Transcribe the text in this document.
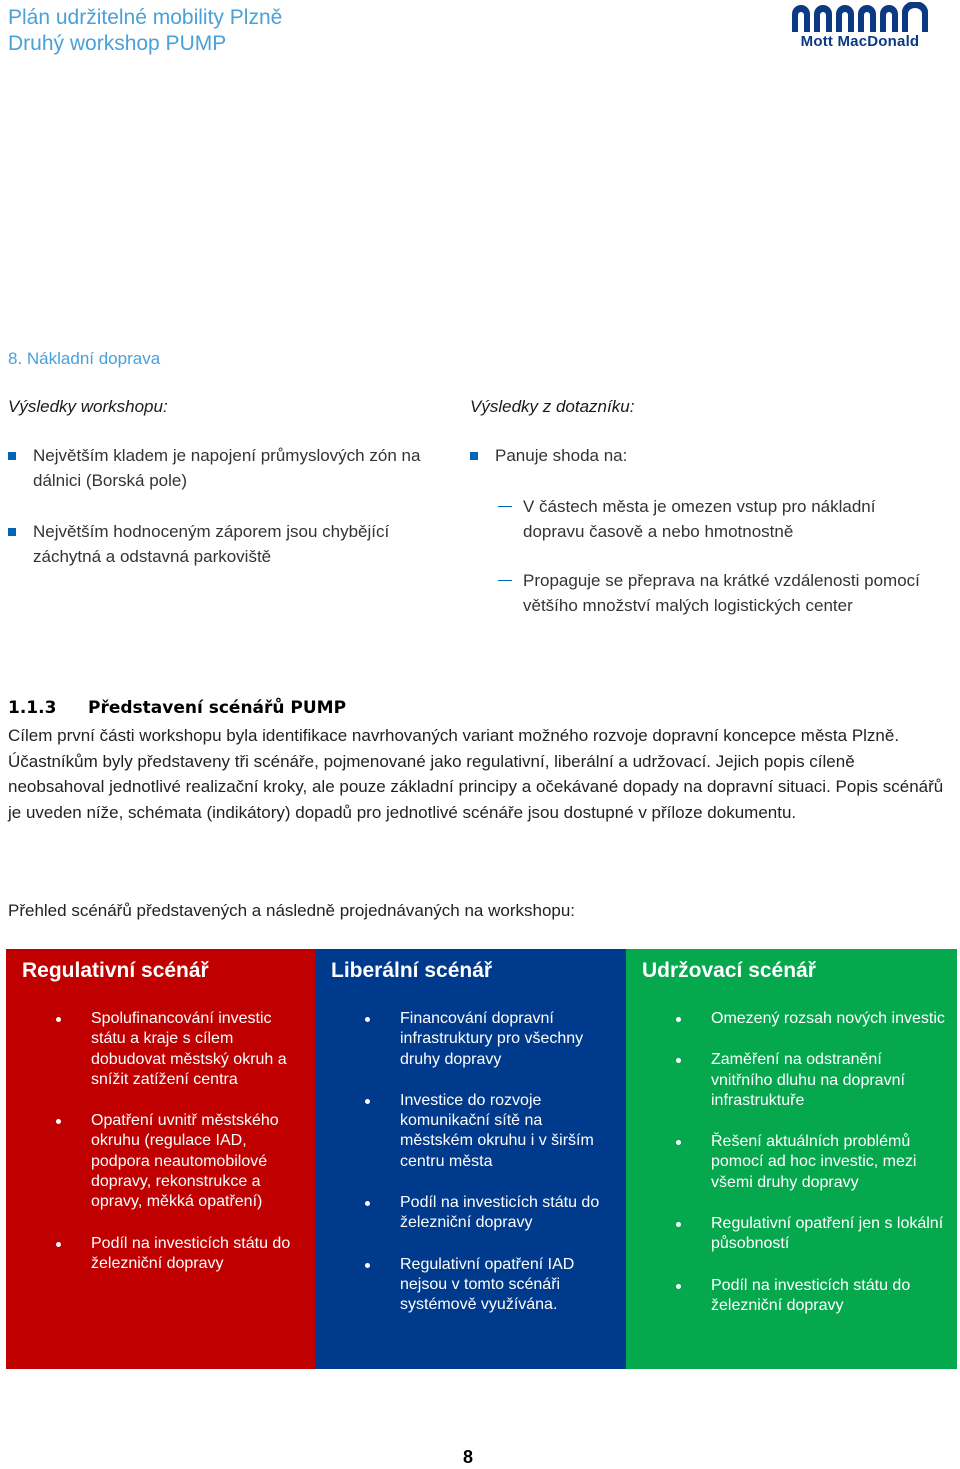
Plán udržitelné mobility Plzně
Druhý workshop PUMP	Mott MacDonald
8. Nákladní doprava
Výsledky workshopu:
Největším kladem je napojení průmyslových zón na dálnici (Borská pole)
Největším hodnoceným záporem jsou chybějící záchytná a odstavná parkoviště
Výsledky z dotazníku:
Panuje shoda na:
V částech města je omezen vstup pro nákladní dopravu časově a nebo hmotnostně
Propaguje se přeprava na krátké vzdálenosti pomocí většího množství malých logistických center
1.1.3 Představení scénářů PUMP
Cílem první části workshopu byla identifikace navrhovaných variant možného rozvoje dopravní koncepce města Plzně. Účastníkům byly představeny tři scénáře, pojmenované jako regulativní, liberální a udržovací. Jejich popis cíleně neobsahoval jednotlivé realizační kroky, ale pouze základní principy a očekávané dopady na dopravní situaci. Popis scénářů je uveden níže, schémata (indikátory) dopadů pro jednotlivé scénáře jsou dostupné v příloze dokumentu.
Přehled scénářů představených a následně projednávaných na workshopu:
Regulativní scénář
Spolufinancování investic státu a kraje s cílem dobudovat městský okruh a snížit zatížení centra
Opatření uvnitř městského okruhu (regulace IAD, podpora neautomobilové dopravy, rekonstrukce a opravy, měkká opatření)
Podíl na investicích státu do železniční dopravy
Liberální scénář
Financování dopravní infrastruktury pro všechny druhy dopravy
Investice do rozvoje komunikační sítě na městském okruhu i v širším centru města
Podíl na investicích státu do železniční dopravy
Regulativní opatření IAD nejsou v tomto scénáři systémově využívána.
Udržovací scénář
Omezený rozsah nových investic
Zaměření na odstranění vnitřního dluhu na dopravní infrastruktuře
Řešení aktuálních problémů pomocí ad hoc investic, mezi všemi druhy dopravy
Regulativní opatření jen s lokální působností
Podíl na investicích státu do železniční dopravy
8
